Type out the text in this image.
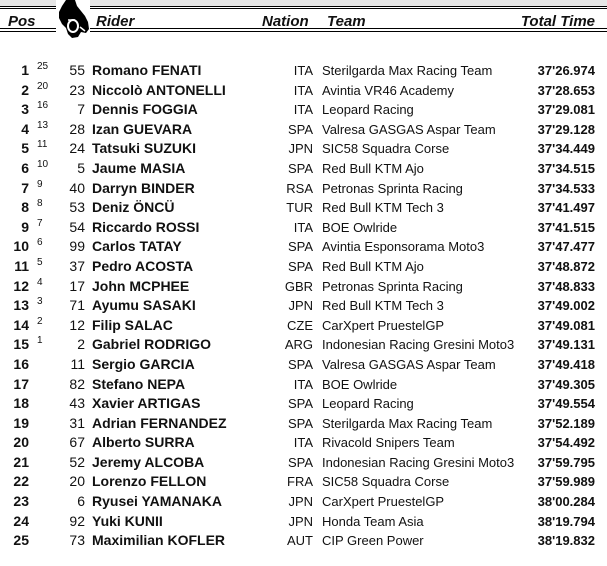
Pos	Rider	Nation Team	Total Time
1 25	55 Romano FENATI	ITA Sterilgarda Max Racing Team	37'26.974
2 20	23 Niccolò ANTONELLI	ITA Avintia VR46 Academy	37'28.653
3 16	7 Dennis FOGGIA	ITA Leopard Racing	37'29.081
4 13	28 Izan GUEVARA	SPA Valresa GASGAS Aspar Team	37'29.128
5 11	24 Tatsuki SUZUKI	JPN SIC58 Squadra Corse	37'34.449
6 10	5 Jaume MASIA	SPA Red Bull KTM Ajo	37'34.515
7 9	40 Darryn BINDER	RSA Petronas Sprinta Racing	37'34.533
8 8	53 Deniz ÖNCÜ	TUR Red Bull KTM Tech 3	37'41.497
9 7	54 Riccardo ROSSI	ITA BOE Owlride	37'41.515
10 6	99 Carlos TATAY	SPA Avintia Esponsorama Moto3	37'47.477
11 5	37 Pedro ACOSTA	SPA Red Bull KTM Ajo	37'48.872
12 4	17 John MCPHEE	GBR Petronas Sprinta Racing	37'48.833
13 3	71 Ayumu SASAKI	JPN Red Bull KTM Tech 3	37'49.002
14 2	12 Filip SALAC	CZE CarXpert PruestelGP	37'49.081
15 1	2 Gabriel RODRIGO	ARG Indonesian Racing Gresini Moto3 37'49.131
16	11 Sergio GARCIA	SPA Valresa GASGAS Aspar Team	37'49.418
17	82 Stefano NEPA	ITA BOE Owlride	37'49.305
18	43 Xavier ARTIGAS	SPA Leopard Racing	37'49.554
19	31 Adrian FERNANDEZ	SPA Sterilgarda Max Racing Team	37'52.189
20	67 Alberto SURRA	ITA Rivacold Snipers Team	37'54.492
21	52 Jeremy ALCOBA	SPA Indonesian Racing Gresini Moto3 37'59.795
22	20 Lorenzo FELLON	FRA SIC58 Squadra Corse	37'59.989
23	6 Ryusei YAMANAKA	JPN CarXpert PruestelGP	38'00.284
24	92 Yuki KUNII	JPN Honda Team Asia	38'19.794
25	73 Maximilian KOFLER	AUT CIP Green Power	38'19.832
